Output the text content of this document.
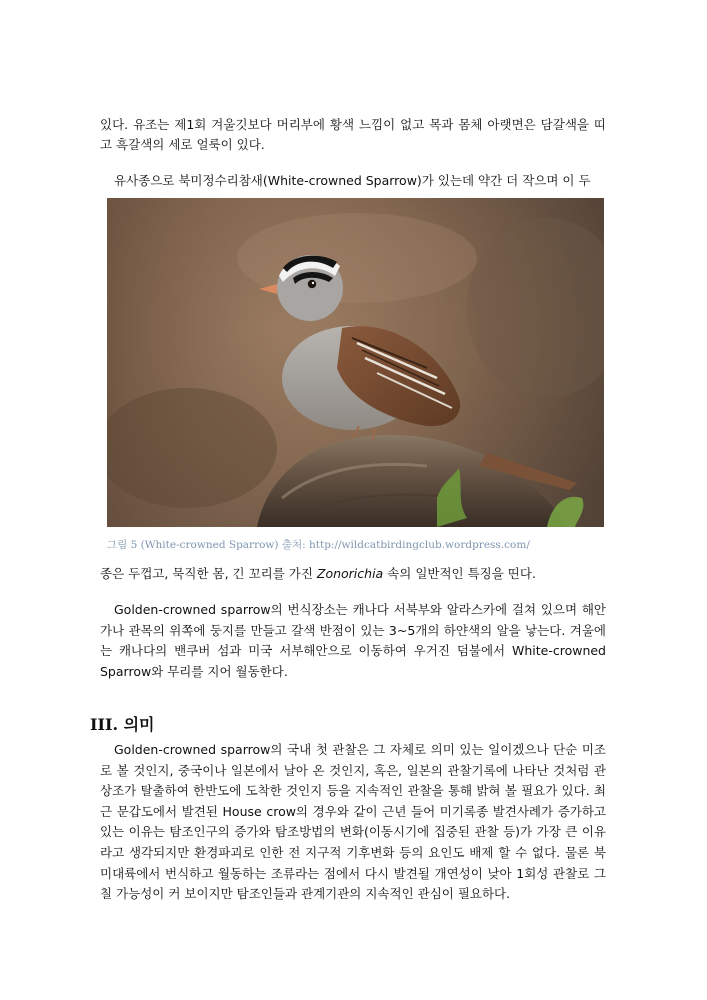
있다. 유조는 제1회 겨울깃보다 머리부에 황색 느낌이 없고 목과 몸체 아랫면은 담갈색을 띠고 흑갈색의 세로 얼룩이 있다.

유사종으로 북미정수리참새(White-crowned Sparrow)가 있는데 약간 더 작으며 이 두

그림 5 (White-crowned Sparrow) 출처: http://wildcatbirdingclub.wordpress.com/

종은 두껍고, 묵직한 몸, 긴 꼬리를 가진 Zonorichia 속의 일반적인 특징을 띤다.

Golden-crowned sparrow의 번식장소는 캐나다 서북부와 알라스카에 걸쳐 있으며 해안가나 관목의 위쪽에 둥지를 만들고 갈색 반점이 있는 3~5개의 하얀색의 알을 낳는다. 겨울에는 캐나다의 밴쿠버 섬과 미국 서부해안으로 이동하여 우거진 덤불에서 White-crowned Sparrow와 무리를 지어 월동한다.

III. 의미

Golden-crowned sparrow의 국내 첫 관찰은 그 자체로 의미 있는 일이겠으나 단순 미조로 볼 것인지, 중국이나 일본에서 날아 온 것인지, 혹은, 일본의 관찰기록에 나타난 것처럼 관상조가 탈출하여 한반도에 도착한 것인지 등을 지속적인 관찰을 통해 밝혀 볼 필요가 있다. 최근 문갑도에서 발견된 House crow의 경우와 같이 근년 들어 미기록종 발견사례가 증가하고 있는 이유는 탐조인구의 증가와 탐조방법의 변화(이동시기에 집중된 관찰 등)가 가장 큰 이유라고 생각되지만 환경파괴로 인한 전 지구적 기후변화 등의 요인도 배제 할 수 없다. 물론 북미대륙에서 번식하고 월동하는 조류라는 점에서 다시 발견될 개연성이 낮아 1회성 관찰로 그칠 가능성이 커 보이지만 탐조인들과 관계기관의 지속적인 관심이 필요하다.
